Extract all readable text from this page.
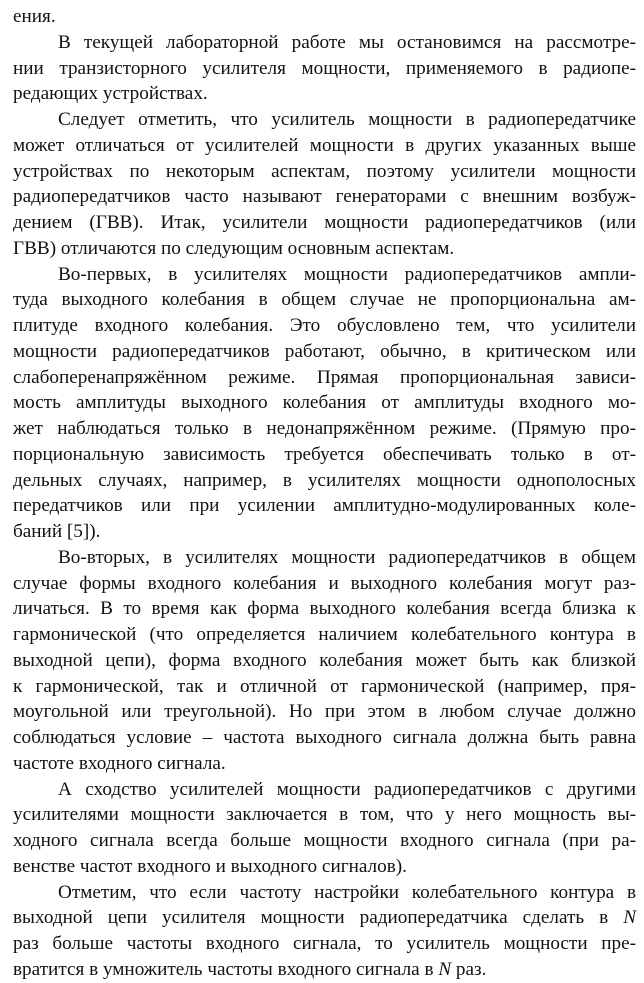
ения.
В текущей лабораторной работе мы остановимся на рассмотре-
нии транзисторного усилителя мощности, применяемого в радиопе-
редающих устройствах.
Следует отметить, что усилитель мощности в радиопередатчике
может отличаться от усилителей мощности в других указанных выше
устройствах по некоторым аспектам, поэтому усилители мощности
радиопередатчиков часто называют генераторами с внешним возбуж-
дением (ГВВ). Итак, усилители мощности радиопередатчиков (или
ГВВ) отличаются по следующим основным аспектам.
Во-первых, в усилителях мощности радиопередатчиков ампли-
туда выходного колебания в общем случае не пропорциональна ам-
плитуде входного колебания. Это обусловлено тем, что усилители
мощности радиопередатчиков работают, обычно, в критическом или
слабоперенапряжённом режиме. Прямая пропорциональная зависи-
мость амплитуды выходного колебания от амплитуды входного мо-
жет наблюдаться только в недонапряжённом режиме. (Прямую про-
порциональную зависимость требуется обеспечивать только в от-
дельных случаях, например, в усилителях мощности однополосных
передатчиков или при усилении амплитудно-модулированных коле-
баний [5]).
Во-вторых, в усилителях мощности радиопередатчиков в общем
случае формы входного колебания и выходного колебания могут раз-
личаться. В то время как форма выходного колебания всегда близка к
гармонической (что определяется наличием колебательного контура в
выходной цепи), форма входного колебания может быть как близкой
к гармонической, так и отличной от гармонической (например, пря-
моугольной или треугольной). Но при этом в любом случае должно
соблюдаться условие – частота выходного сигнала должна быть равна
частоте входного сигнала.
А сходство усилителей мощности радиопередатчиков с другими
усилителями мощности заключается в том, что у него мощность вы-
ходного сигнала всегда больше мощности входного сигнала (при ра-
венстве частот входного и выходного сигналов).
Отметим, что если частоту настройки колебательного контура в
выходной цепи усилителя мощности радиопередатчика сделать в N
раз больше частоты входного сигнала, то усилитель мощности пре-
вратится в умножитель частоты входного сигнала в N раз.
